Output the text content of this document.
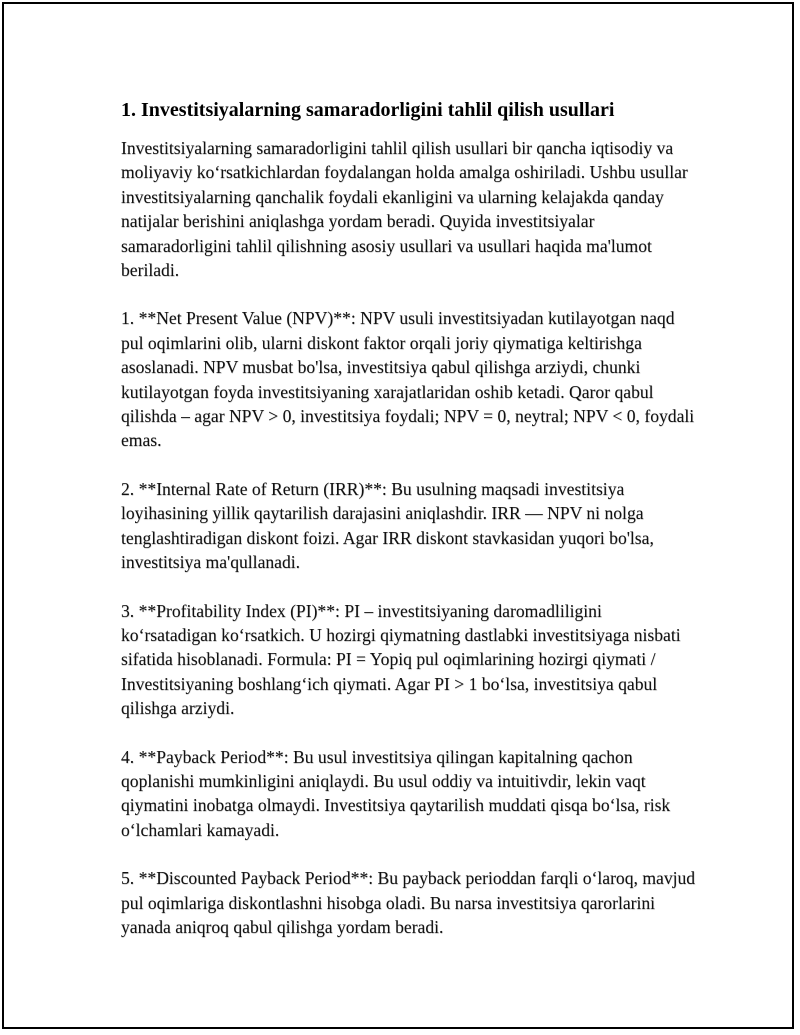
1. Investitsiyalarning samaradorligini tahlil qilish usullari

Investitsiyalarning samaradorligini tahlil qilish usullari bir qancha iqtisodiy va moliyaviy ko‘rsatkichlardan foydalangan holda amalga oshiriladi. Ushbu usullar investitsiyalarning qanchalik foydali ekanligini va ularning kelajakda qanday natijalar berishini aniqlashga yordam beradi. Quyida investitsiyalar samaradorligini tahlil qilishning asosiy usullari va usullari haqida ma'lumot beriladi.

1. **Net Present Value (NPV)**: NPV usuli investitsiyadan kutilayotgan naqd pul oqimlarini olib, ularni diskont faktor orqali joriy qiymatiga keltirishga asoslanadi. NPV musbat bo'lsa, investitsiya qabul qilishga arziydi, chunki kutilayotgan foyda investitsiyaning xarajatlaridan oshib ketadi. Qaror qabul qilishda – agar NPV > 0, investitsiya foydali; NPV = 0, neytral; NPV < 0, foydali emas.

2. **Internal Rate of Return (IRR)**: Bu usulning maqsadi investitsiya loyihasining yillik qaytarilish darajasini aniqlashdir. IRR — NPV ni nolga tenglashtiradigan diskont foizi. Agar IRR diskont stavkasidan yuqori bo'lsa, investitsiya ma'qullanadi.

3. **Profitability Index (PI)**: PI – investitsiyaning daromadliligini ko‘rsatadigan ko‘rsatkich. U hozirgi qiymatning dastlabki investitsiyaga nisbati sifatida hisoblanadi. Formula: PI = Yopiq pul oqimlarining hozirgi qiymati / Investitsiyaning boshlang‘ich qiymati. Agar PI > 1 bo‘lsa, investitsiya qabul qilishga arziydi.

4. **Payback Period**: Bu usul investitsiya qilingan kapitalning qachon qoplanishi mumkinligini aniqlaydi. Bu usul oddiy va intuitivdir, lekin vaqt qiymatini inobatga olmaydi. Investitsiya qaytarilish muddati qisqa bo‘lsa, risk o‘lchamlari kamayadi.

5. **Discounted Payback Period**: Bu payback perioddan farqli o‘laroq, mavjud pul oqimlariga diskontlashni hisobga oladi. Bu narsa investitsiya qarorlarini yanada aniqroq qabul qilishga yordam beradi.
